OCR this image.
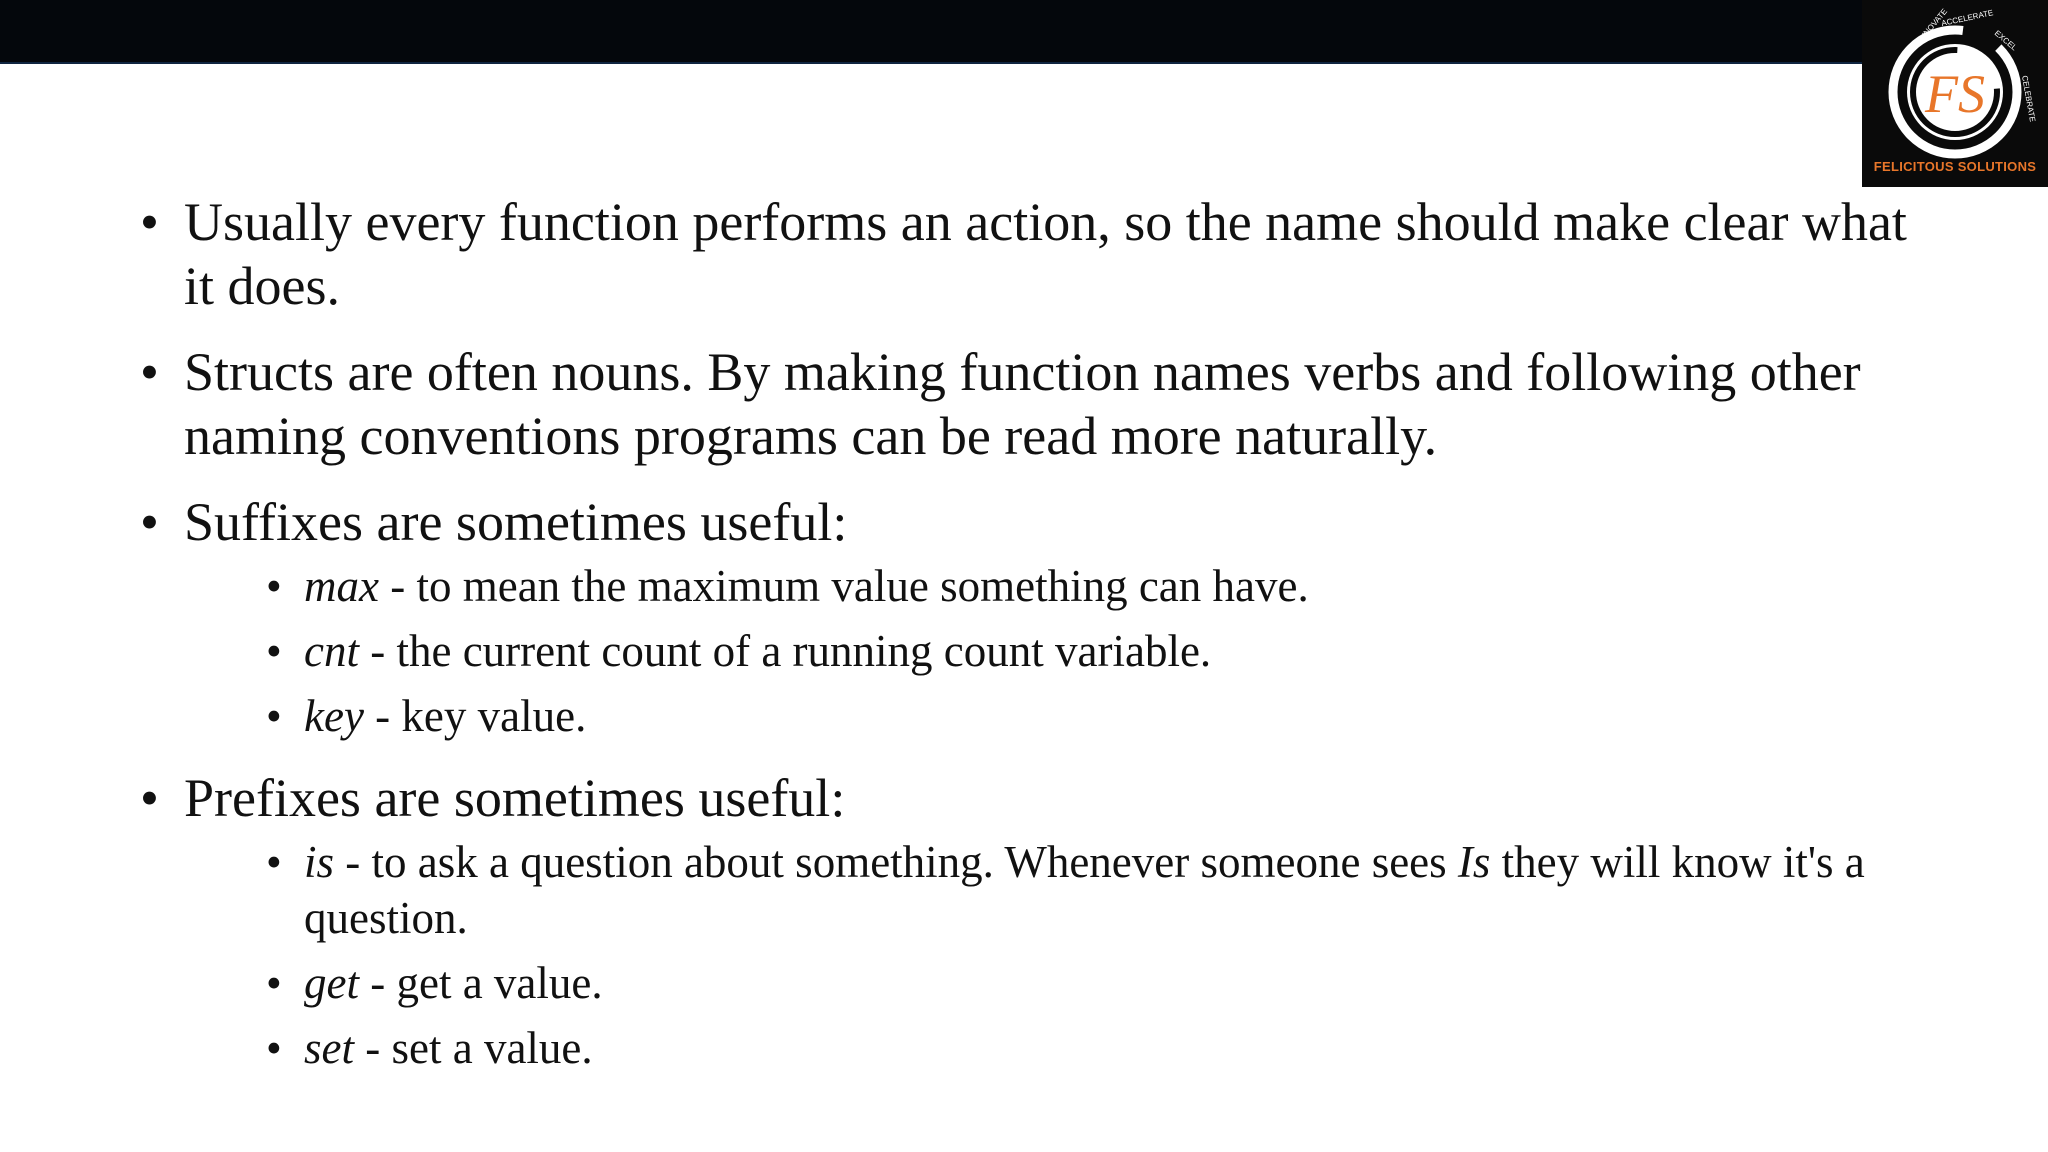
FS
INNOVATE
ACCELERATE
EXCEL
CELEBRATE
FELICITOUS SOLUTIONS
• Usually every function performs an action, so the name should make clear what it does.
• Structs are often nouns. By making function names verbs and following other naming conventions programs can be read more naturally.
• Suffixes are sometimes useful:
• max - to mean the maximum value something can have.
• cnt - the current count of a running count variable.
• key - key value.
• Prefixes are sometimes useful:
• is - to ask a question about something. Whenever someone sees Is they will know it's a question.
• get - get a value.
• set - set a value.
